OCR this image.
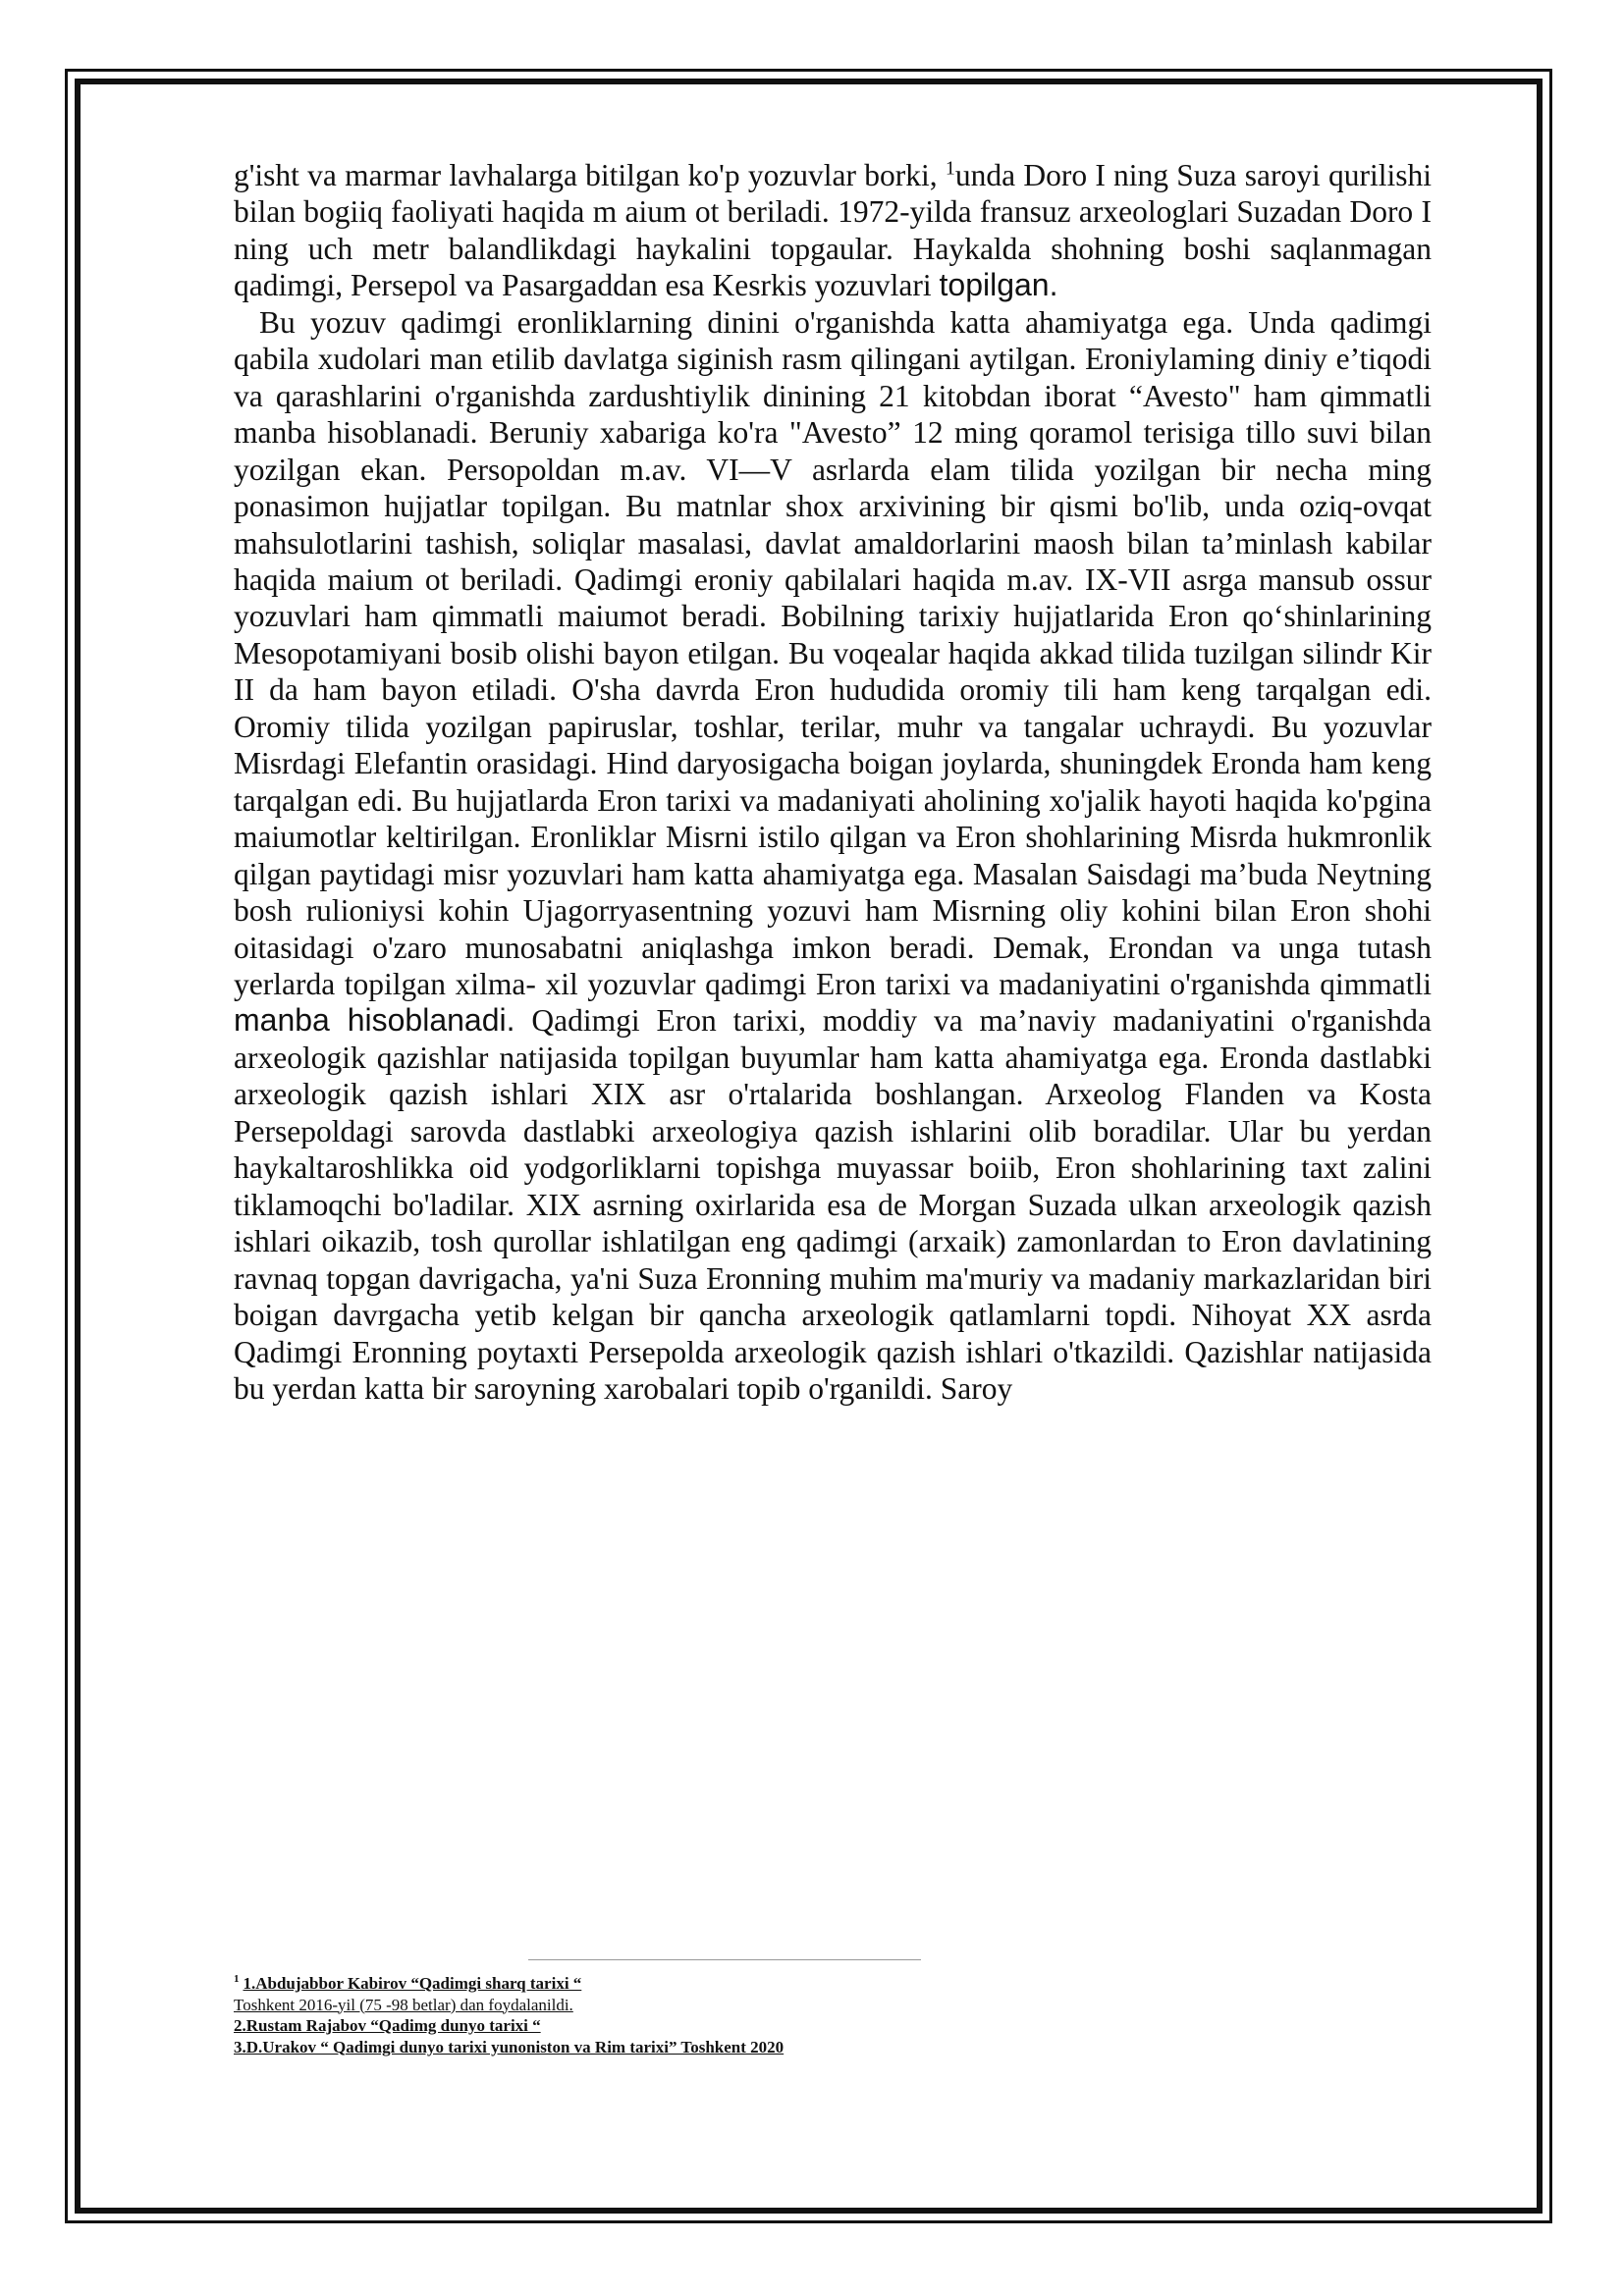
g'isht va marmar lavhalarga bitilgan ko'p yozuvlar borki, $^1$unda Doro I ning Suza saroyi qurilishi bilan bogiiq faoliyati haqida m aium ot beriladi. 1972-yilda fransuz arxeologlari Suzadan Doro I ning uch metr balandlikdagi haykalini topgaular. Haykalda shohning boshi saqlanmagan qadimgi, Persepol va Pasargaddan esa Kesrkis yozuvlari topilgan.

Bu yozuv qadimgi eronliklarning dinini o'rganishda katta ahamiyatga ega. Unda qadimgi qabila xudolari man etilib davlatga siginish rasm qilingani aytilgan. Eroniylaming diniy e’tiqodi va qarashlarini o'rganishda zardushtiylik dinining 21 kitobdan iborat “Avesto" ham qimmatli manba hisoblanadi. Beruniy xabariga ko'ra "Avesto” 12 ming qoramol terisiga tillo suvi bilan yozilgan ekan. Persopoldan m.av. VI—V asrlarda elam tilida yozilgan bir necha ming ponasimon hujjatlar topilgan. Bu matnlar shox arxivining bir qismi bo'lib, unda oziq-ovqat mahsulotlarini tashish, soliqlar masalasi, davlat amaldorlarini maosh bilan ta’minlash kabilar haqida maium ot beriladi. Qadimgi eroniy qabilalari haqida m.av. IX-VII asrga mansub ossur yozuvlari ham qimmatli maiumot beradi. Bobilning tarixiy hujjatlarida Eron qo‘shinlarining Mesopotamiyani bosib olishi bayon etilgan. Bu voqealar haqida akkad tilida tuzilgan silindr Kir II da ham bayon etiladi. O'sha davrda Eron hududida oromiy tili ham keng tarqalgan edi. Oromiy tilida yozilgan papiruslar, toshlar, terilar, muhr va tangalar uchraydi. Bu yozuvlar Misrdagi Elefantin orasidagi. Hind daryosigacha boigan joylarda, shuningdek Eronda ham keng tarqalgan edi. Bu hujjatlarda Eron tarixi va madaniyati aholining xo'jalik hayoti haqida ko'pgina maiumotlar keltirilgan. Eronliklar Misrni istilo qilgan va Eron shohlarining Misrda hukmronlik qilgan paytidagi misr yozuvlari ham katta ahamiyatga ega. Masalan Saisdagi ma’buda Neytning bosh rulioniysi kohin Ujagorryasentning yozuvi ham Misrning oliy kohini bilan Eron shohi oitasidagi o'zaro munosabatni aniqlashga imkon beradi. Demak, Erondan va unga tutash yerlarda topilgan xilma- xil yozuvlar qadimgi Eron tarixi va madaniyatini o'rganishda qimmatli manba hisoblanadi. Qadimgi Eron tarixi, moddiy va ma’naviy madaniyatini o'rganishda arxeologik qazishlar natijasida topilgan buyumlar ham katta ahamiyatga ega. Eronda dastlabki arxeologik qazish ishlari XIX asr o'rtalarida boshlangan. Arxeolog Flanden va Kosta Persepoldagi sarovda dastlabki arxeologiya qazish ishlarini olib boradilar. Ular bu yerdan haykaltaroshlikka oid yodgorliklarni topishga muyassar boiib, Eron shohlarining taxt zalini tiklamoqchi bo'ladilar. XIX asrning oxirlarida esa de Morgan Suzada ulkan arxeologik qazish ishlari oikazib, tosh qurollar ishlatilgan eng qadimgi (arxaik) zamonlardan to Eron davlatining ravnaq topgan davrigacha, ya'ni Suza Eronning muhim ma'muriy va madaniy markazlaridan biri boigan davrgacha yetib kelgan bir qancha arxeologik qatlamlarni topdi. Nihoyat XX asrda Qadimgi Eronning poytaxti Persepolda arxeologik qazish ishlari o'tkazildi. Qazishlar natijasida bu yerdan katta bir saroyning xarobalari topib o'rganildi. Saroy

1 1.Abdujabbor Kabirov “Qadimgi sharq tarixi “
Toshkent 2016-yil (75 -98 betlar) dan foydalanildi.
2.Rustam Rajabov “Qadimg dunyo tarixi “
3.D.Urakov “ Qadimgi dunyo tarixi yunoniston va Rim tarixi” Toshkent 2020
